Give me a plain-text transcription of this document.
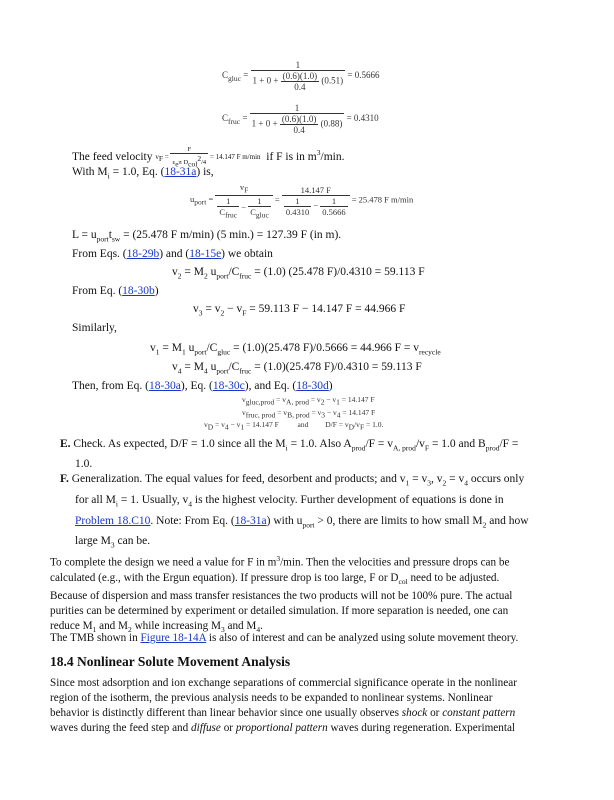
$C_{gluc} = \frac{1}{1 + 0 + \frac{(0.6)(1.0)}{0.4} (0.51)} = 0.5666$
$C_{fruc} = \frac{1}{1 + 0 + \frac{(0.6)(1.0)}{0.4} (0.88)} = 0.4310$
The feed velocity $v_F = \frac{F}{\varepsilon_e\pi D_{col}^2/4} = 14.147$ F m/min if F is in $m^3/\min$.
With $M_i = 1.0$, Eq. (18-31a) is,
$u_{port} = \frac{v_F}{\frac{1}{C_{fruc}} - \frac{1}{C_{gluc}}} = \frac{14.147 F}{\frac{1}{0.4310} - \frac{1}{0.5666}} = 25.478$ F m/min
$L = u_{port}t_{sw} = (25.478$ F m/min) (5 min.) = 127.39 F (in m).
From Eqs. (18-29b) and (18-15e) we obtain
$v_2 = M_2$ $u_{port}/C_{fruc} = (1.0)$ (25.478 F)/0.4310 = 59.113 F
From Eq. (18-30b)
$v_3 = v_2 - v_F = 59.113$ F − 14.147 F = 44.966 F
Similarly,
$v_1 = M_1$ $u_{port}/C_{gluc} = (1.0)(25.478$ F)/0.5666 = 44.966 $F = v_{recycle}$
$v_4 = M_4$ $u_{port}/C_{fruc} = (1.0)(25.478$ F)/0.4310 = 59.113 F
Then, from Eq. (18-30a), Eq. (18-30c), and Eq. (18-30d)
$v_{gluc,prod} = v_{A, prod} = v_2 - v_1 = 14.147$ F
$v_{fruc, prod} = v_{B, prod} = v_3 - v_4 = 14.147$ F
$v_D = v_4 - v_1 = 14.147$ F	and $D/F = v_D/v_F = 1.0$.
E. Check. As expected, D/F = 1.0 since all the $M_i = 1.0$. Also $A_{prod}/F = v_{A, prod}/v_F = 1.0$ and $B_{prod}/F$ =
1.0.
F. Generalization. The equal values for feed, desorbent and products; and $v_1 = v_3$, $v_2 = v_4$ occurs only
for all $M_i = 1$. Usually, $v_4$ is the highest velocity. Further development of equations is done in
Problem 18.C10. Note: From Eq. (18-31a) with $u_{port} > 0$, there are limits to how small $M_2$ and how
large $M_3$ can be.
To complete the design we need a value for F in $m^3/\min$. Then the velocities and pressure drops can be
calculated (e.g., with the Ergun equation). If pressure drop is too large, F or $D_{col}$ need to be adjusted.
Because of dispersion and mass transfer resistances the two products will not be 100% pure. The actual
purities can be determined by experiment or detailed simulation. If more separation is needed, one can
reduce $M_1$ and $M_2$ while increasing $M_3$ and $M_4$.
The TMB shown in Figure 18-14A is also of interest and can be analyzed using solute movement theory.
18.4 Nonlinear Solute Movement Analysis
Since most adsorption and ion exchange separations of commercial significance operate in the nonlinear
region of the isotherm, the previous analysis needs to be expanded to nonlinear systems. Nonlinear
behavior is distinctly different than linear behavior since one usually observes shock or constant pattern
waves during the feed step and diffuse or proportional pattern waves during regeneration. Experimental
